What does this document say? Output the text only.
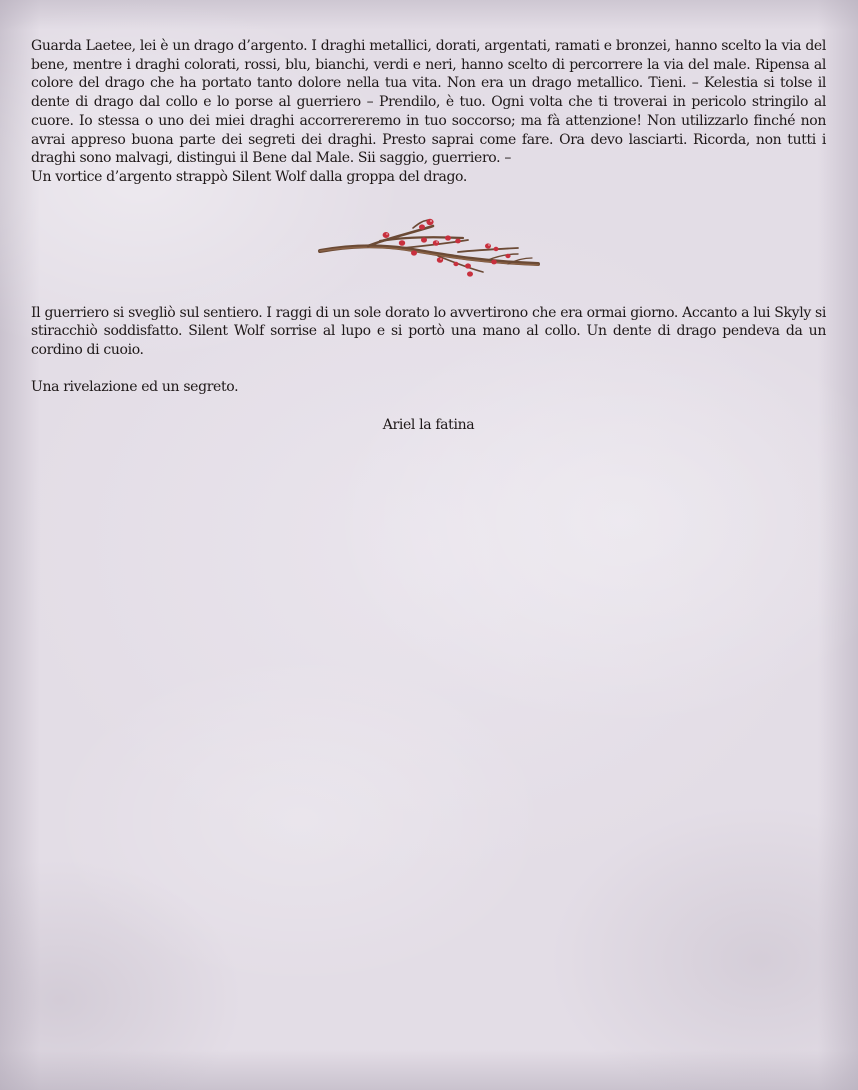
Guarda Laetee, lei è un drago d’argento. I draghi metallici, dorati, argentati, ramati e bronzei, hanno scelto la via del bene, mentre i draghi colorati, rossi, blu, bianchi, verdi e neri, hanno scelto di percorrere la via del male. Ripensa al colore del drago che ha portato tanto dolore nella tua vita. Non era un drago metallico. Tieni. – Kelestia si tolse il dente di drago dal collo e lo porse al guerriero – Prendilo, è tuo. Ogni volta che ti troverai in pericolo stringilo al cuore. Io stessa o uno dei miei draghi accorrereremo in tuo soccorso; ma fà attenzione! Non utilizzarlo finché non avrai appreso buona parte dei segreti dei draghi. Presto saprai come fare. Ora devo lasciarti. Ricorda, non tutti i draghi sono malvagi, distingui il Bene dal Male. Sii saggio, guerriero. –

Un vortice d’argento strappò Silent Wolf dalla groppa del drago.

Il guerriero si svegliò sul sentiero. I raggi di un sole dorato lo avvertirono che era ormai giorno. Accanto a lui Skyly si stiracchiò soddisfatto. Silent Wolf sorrise al lupo e si portò una mano al collo. Un dente di drago pendeva da un cordino di cuoio.

Una rivelazione ed un segreto.

Ariel la fatina
